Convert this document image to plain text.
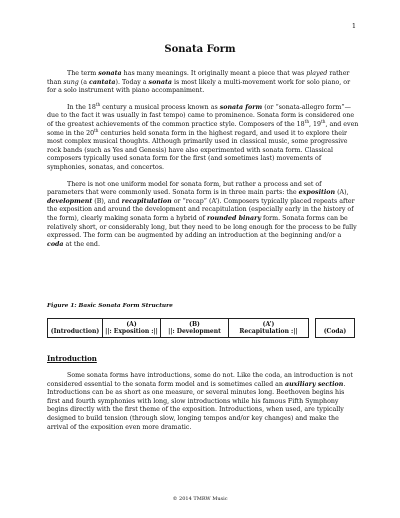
1
Sonata Form

The term sonata has many meanings. It originally meant a piece that was played rather than sung (a cantata). Today a sonata is most likely a multi-movement work for solo piano, or for a solo instrument with piano accompaniment.

In the 18th century a musical process known as sonata form (or “sonata-allegro form”—due to the fact it was usually in fast tempo) came to prominence. Sonata form is considered one of the greatest achievements of the common practice style. Composers of the 18th, 19th, and even some in the 20th centuries held sonata form in the highest regard, and used it to explore their most complex musical thoughts. Although primarily used in classical music, some progressive rock bands (such as Yes and Genesis) have also experimented with sonata form. Classical composers typically used sonata form for the first (and sometimes last) movements of symphonies, sonatas, and concertos.

There is not one uniform model for sonata form, but rather a process and set of parameters that were commonly used. Sonata form is in three main parts: the exposition (A), development (B), and recapitulation or “recap” (A’). Composers typically placed repeats after the exposition and around the development and recapitulation (especially early in the history of the form), clearly making sonata form a hybrid of rounded binary form. Sonata forms can be relatively short, or considerably long, but they need to be long enough for the process to be fully expressed. The form can be augmented by adding an introduction at the beginning and/or a coda at the end.

Figure 1: Basic Sonata Form Structure
(Introduction)
(A)
||: Exposition :||
(B)
||: Development
(A’)
Recapitulation :||	(Coda)
Introduction

Some sonata forms have introductions, some do not. Like the coda, an introduction is not considered essential to the sonata form model and is sometimes called an auxiliary section. Introductions can be as short as one measure, or several minutes long. Beethoven begins his first and fourth symphonies with long, slow introductions while his famous Fifth Symphony begins directly with the first theme of the exposition. Introductions, when used, are typically designed to build tension (through slow, longing tempos and/or key changes) and make the arrival of the exposition even more dramatic.

© 2014 TMRW Music
